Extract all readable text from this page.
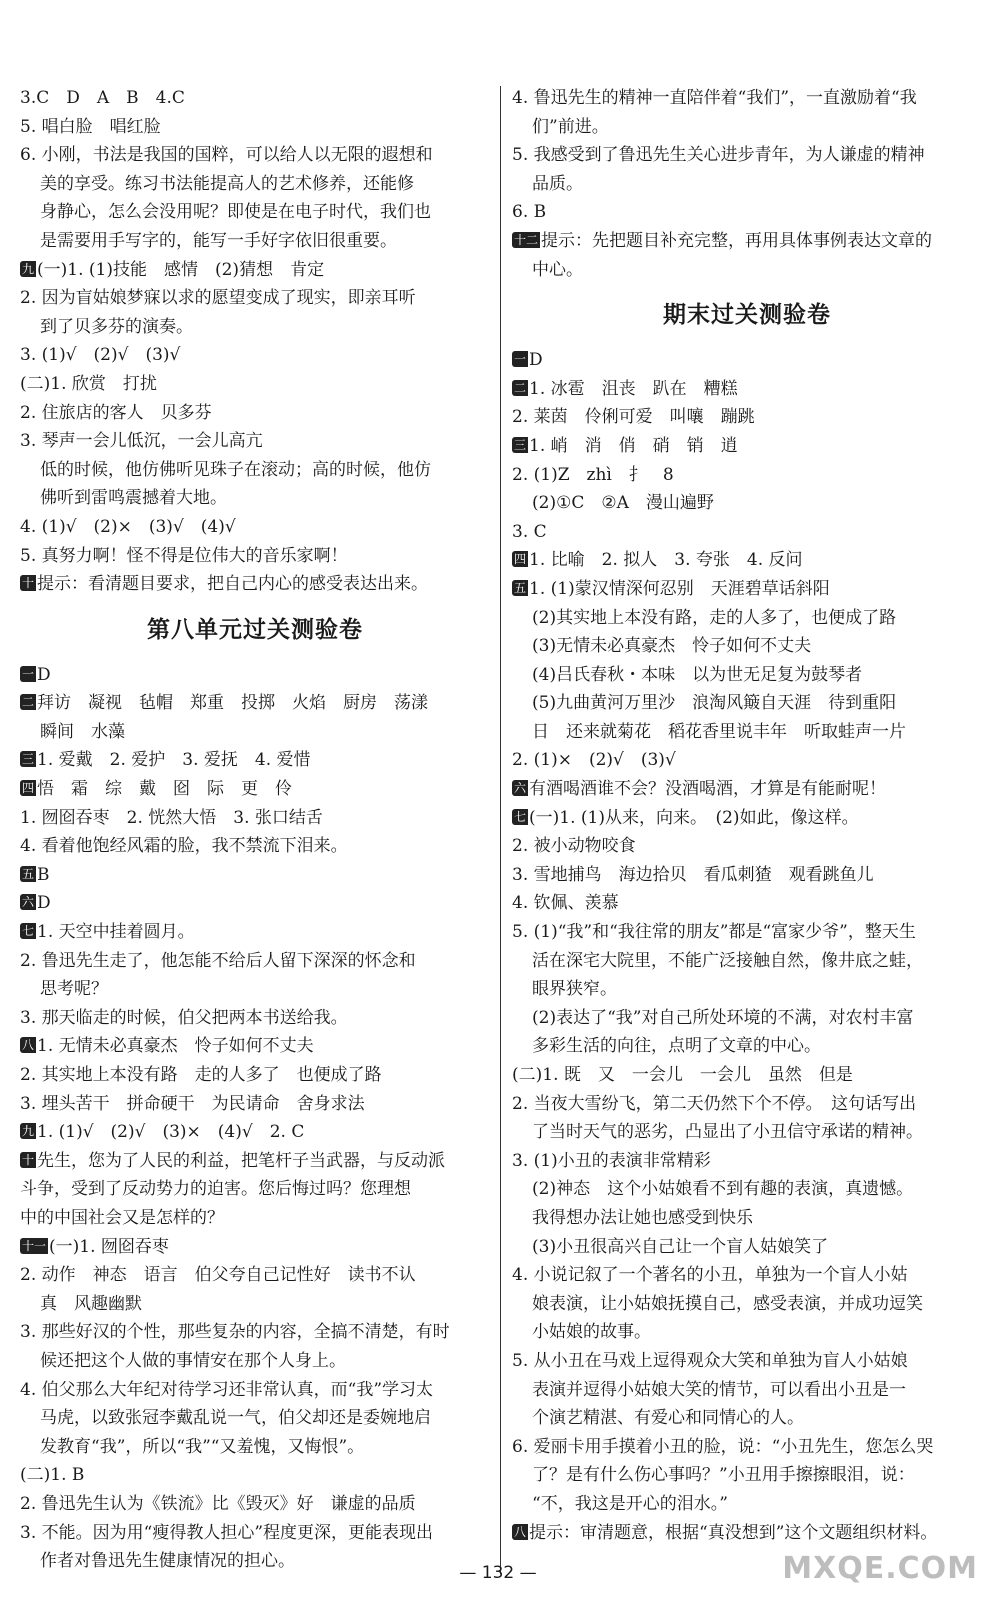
3.C　D　A　B　4.C
5. 唱白脸　唱红脸
6. 小刚，书法是我国的国粹，可以给人以无限的遐想和
美的享受。练习书法能提高人的艺术修养，还能修
身静心，怎么会没用呢？即使是在电子时代，我们也
是需要用手写字的，能写一手好字依旧很重要。
九 (一)1. (1)技能　感情　(2)猜想　肯定
2. 因为盲姑娘梦寐以求的愿望变成了现实，即亲耳听
到了贝多芬的演奏。
3. (1)√　(2)√　(3)√
(二)1. 欣赏　打扰
2. 住旅店的客人　贝多芬
3. 琴声一会儿低沉，一会儿高亢
低的时候，他仿佛听见珠子在滚动；高的时候，他仿
佛听到雷鸣震撼着大地。
4. (1)√　(2)×　(3)√　(4)√
5. 真努力啊！怪不得是位伟大的音乐家啊！
十 提示：看清题目要求，把自己内心的感受表达出来。
第八单元过关测验卷
一 D
二 拜访　凝视　毡帽　郑重　投掷　火焰　厨房　荡漾
瞬间　水藻
三 1. 爱戴　2. 爱护　3. 爱抚　4. 爱惜
四 悟　霜　综　戴　囵　际　更　伶
1. 囫囵吞枣　2. 恍然大悟　3. 张口结舌
4. 看着他饱经风霜的脸，我不禁流下泪来。
五 B
六 D
七 1. 天空中挂着圆月。
2. 鲁迅先生走了，他怎能不给后人留下深深的怀念和
思考呢？
3. 那天临走的时候，伯父把两本书送给我。
八 1. 无情未必真豪杰　怜子如何不丈夫
2. 其实地上本没有路　走的人多了　也便成了路
3. 埋头苦干　拼命硬干　为民请命　舍身求法
九 1. (1)√　(2)√　(3)×　(4)√　2. C
十 先生，您为了人民的利益，把笔杆子当武器，与反动派
斗争，受到了反动势力的迫害。您后悔过吗？您理想
中的中国社会又是怎样的？
十一 (一)1. 囫囵吞枣
2. 动作　神态　语言　伯父夸自己记性好　读书不认
真　风趣幽默
3. 那些好汉的个性，那些复杂的内容，全搞不清楚，有时
候还把这个人做的事情安在那个人身上。
4. 伯父那么大年纪对待学习还非常认真，而“我”学习太
马虎，以致张冠李戴乱说一气，伯父却还是委婉地启
发教育“我”，所以“我”“又羞愧，又悔恨”。
(二)1. B
2. 鲁迅先生认为《铁流》比《毁灭》好　谦虚的品质
3. 不能。因为用“瘦得教人担心”程度更深，更能表现出
作者对鲁迅先生健康情况的担心。
4. 鲁迅先生的精神一直陪伴着“我们”，一直激励着“我
们”前进。
5. 我感受到了鲁迅先生关心进步青年，为人谦虚的精神
品质。
6. B
十二 提示：先把题目补充完整，再用具体事例表达文章的
中心。
期末过关测验卷
一 D
二 1. 冰雹　沮丧　趴在　糟糕
2. 莱茵　伶俐可爱　叫嚷　蹦跳
三 1. 峭　消　俏　硝　销　逍
2. (1)Z　zhì　扌　8
(2)①C　②A　漫山遍野
3. C
四 1. 比喻　2. 拟人　3. 夸张　4. 反问
五 1. (1)蒙汉情深何忍别　天涯碧草话斜阳
(2)其实地上本没有路，走的人多了，也便成了路
(3)无情未必真豪杰　怜子如何不丈夫
(4)吕氏春秋・本味　以为世无足复为鼓琴者
(5)九曲黄河万里沙　浪淘风簸自天涯　待到重阳
日　还来就菊花　稻花香里说丰年　听取蛙声一片
2. (1)×　(2)√　(3)√
六 有酒喝酒谁不会？没酒喝酒，才算是有能耐呢！
七 (一)1. (1)从来，向来。　(2)如此，像这样。
2. 被小动物咬食
3. 雪地捕鸟　海边拾贝　看瓜刺猹　观看跳鱼儿
4. 钦佩、羡慕
5. (1)“我”和“我往常的朋友”都是“富家少爷”，整天生
活在深宅大院里，不能广泛接触自然，像井底之蛙，
眼界狭窄。
(2)表达了“我”对自己所处环境的不满，对农村丰富
多彩生活的向往，点明了文章的中心。
(二)1. 既　又　一会儿　一会儿　虽然　但是
2. 当夜大雪纷飞，第二天仍然下个不停。　这句话写出
了当时天气的恶劣，凸显出了小丑信守承诺的精神。
3. (1)小丑的表演非常精彩
(2)神态　这个小姑娘看不到有趣的表演，真遗憾。
我得想办法让她也感受到快乐
(3)小丑很高兴自己让一个盲人姑娘笑了
4. 小说记叙了一个著名的小丑，单独为一个盲人小姑
娘表演，让小姑娘抚摸自己，感受表演，并成功逗笑
小姑娘的故事。
5. 从小丑在马戏上逗得观众大笑和单独为盲人小姑娘
表演并逗得小姑娘大笑的情节，可以看出小丑是一
个演艺精湛、有爱心和同情心的人。
6. 爱丽卡用手摸着小丑的脸，说：“小丑先生，您怎么哭
了？是有什么伤心事吗？”小丑用手擦擦眼泪，说：
“不，我这是开心的泪水。”
八 提示：审清题意，根据“真没想到”这个文题组织材料。
— 132 —	MXQE.COM
